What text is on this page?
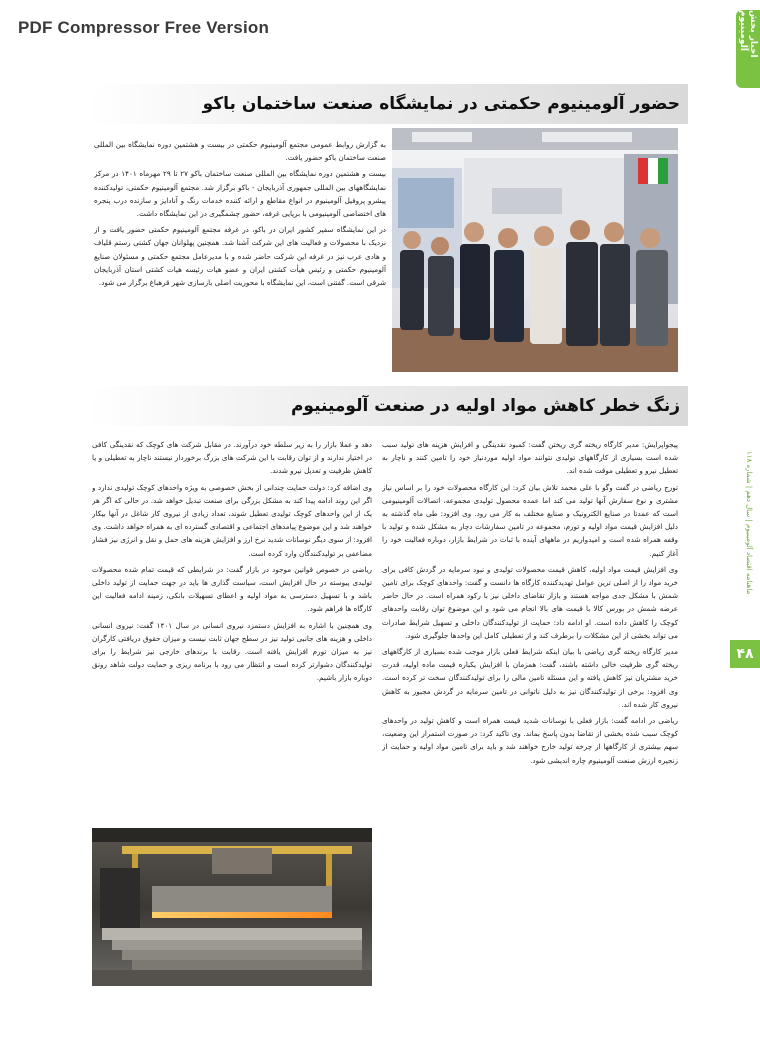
PDF Compressor Free Version	اخبار بخش آلومینیوم
ماهنامه اقتصاد آلومینیوم | سال دهم | شماره ۱۱۸
۴۸
حضور آلومینیوم حکمتی در نمایشگاه صنعت ساختمان باکو

به گزارش روابط عمومی مجتمع آلومینیوم حکمتی در بیست و هشتمین دوره نمایشگاه بین المللی صنعت ساختمان باکو حضور یافت.

بیست و هشتمین دوره نمایشگاه بین المللی صنعت ساختمان باکو ۲۷ تا ۲۹ مهرماه ۱۴۰۱ در مرکز نمایشگاههای بین المللی جمهوری آذربایجان - باکو برگزار شد. مجتمع آلومینیوم حکمتی، تولیدکننده پیشرو پروفیل آلومینیوم در انواع مقاطع و ارائه کننده خدمات رنگ و آنادایز و سازنده درب پنجره های اختصاصی آلومینیومی با برپایی غرفه، حضور چشمگیری در این نمایشگاه داشت.

در این نمایشگاه سفیر کشور ایران در باکو، در غرفه مجتمع آلومینیوم حکمتی حضور یافت و از نزدیک با محصولات و فعالیت های این شرکت آشنا شد. همچنین پهلوانان جهان کشتی رستم قلیاف و هادی عرب نیز در غرفه این شرکت حاضر شده و با مدیرعامل مجتمع حکمتی و مسئولان صنایع آلومینیوم حکمتی و رئیس هیأت کشتی ایران و عضو هیات رئیسه هیات کشتی استان آذربایجان شرقی است. گفتنی است، این نمایشگاه با محوریت اصلی بازسازی شهر قرهباغ برگزار می شود.

زنگ خطر کاهش مواد اولیه در صنعت آلومینیوم

پیجواپرایش: مدیر کارگاه ریخته گری ریختن گفت: کمبود نقدینگی و افزایش هزینه های تولید سبب شده است بسیاری از کارگاههای تولیدی نتوانند مواد اولیه موردنیاز خود را تامین کنند و ناچار به تعطیل نیرو و تعطیلی موقت شده اند.

تورج ریاضی در گفت وگو با علی محمد تلاش بیان کرد: این کارگاه محصولات خود را بر اساس نیاز مشتری و نوع سفارش آنها تولید می کند اما عمده محصول تولیدی مجموعه، اتصالات آلومینیومی است که عمدتا در صنایع الکترونیک و صنایع مختلف به کار می رود. وی افزود: طی ماه گذشته به دلیل افزایش قیمت مواد اولیه و تورم، مجموعه در تامین سفارشات دچار به مشکل شده و تولید با وقفه همراه شده است و امیدواریم در ماههای آینده با ثبات در شرایط بازار، دوباره فعالیت خود را آغاز کنیم.

وی افزایش قیمت مواد اولیه، کاهش قیمت محصولات تولیدی و نبود سرمایه در گردش کافی برای خرید مواد را از اصلی ترین عوامل تهدیدکننده کارگاه ها دانست و گفت: واحدهای کوچک برای تامین شمش با مشکل جدی مواجه هستند و بازار تقاضای داخلی نیز با رکود همراه است. در حال حاضر عرضه شمش در بورس کالا با قیمت های بالا انجام می شود و این موضوع توان رقابت واحدهای کوچک را کاهش داده است. او ادامه داد: حمایت از تولیدکنندگان داخلی و تسهیل شرایط صادرات می تواند بخشی از این مشکلات را برطرف کند و از تعطیلی کامل این واحدها جلوگیری شود.

مدیر کارگاه ریخته گری ریاضی با بیان اینکه شرایط فعلی بازار موجب شده بسیاری از کارگاههای ریخته گری ظرفیت خالی داشته باشند، گفت: همزمان با افزایش یکباره قیمت ماده اولیه، قدرت خرید مشتریان نیز کاهش یافته و این مسئله تامین مالی را برای تولیدکنندگان سخت تر کرده است. وی افزود: برخی از تولیدکنندگان نیز به دلیل ناتوانی در تامین سرمایه در گردش مجبور به کاهش نیروی کار شده اند.

ریاضی در ادامه گفت: بازار فعلی با نوسانات شدید قیمت همراه است و کاهش تولید در واحدهای کوچک سبب شده بخشی از تقاضا بدون پاسخ بماند. وی تاکید کرد: در صورت استمرار این وضعیت، سهم بیشتری از کارگاهها از چرخه تولید خارج خواهند شد و باید برای تامین مواد اولیه و حمایت از زنجیره ارزش صنعت آلومینیوم چاره اندیشی شود.

دهد و عملا بازار را به زیر سلطه خود درآورند. در مقابل شرکت های کوچک که نقدینگی کافی در اختیار ندارند و از توان رقابت با این شرکت های بزرگ برخوردار نیستند ناچار به تعطیلی و یا کاهش ظرفیت و تعدیل نیرو شدند.

وی اضافه کرد: دولت حمایت چندانی از بخش خصوصی به ویژه واحدهای کوچک تولیدی ندارد و اگر این روند ادامه پیدا کند به مشکل بزرگی برای صنعت تبدیل خواهد شد. در حالی که اگر هر یک از این واحدهای کوچک تولیدی تعطیل شوند، تعداد زیادی از نیروی کار شاغل در آنها بیکار خواهند شد و این موضوع پیامدهای اجتماعی و اقتصادی گسترده ای به همراه خواهد داشت. وی افزود: از سوی دیگر نوسانات شدید نرخ ارز و افزایش هزینه های حمل و نقل و انرژی نیز فشار مضاعفی بر تولیدکنندگان وارد کرده است.

ریاضی در خصوص قوانین موجود در بازار گفت: در شرایطی که قیمت تمام شده محصولات تولیدی پیوسته در حال افزایش است، سیاست گذاری ها باید در جهت حمایت از تولید داخلی باشد و با تسهیل دسترسی به مواد اولیه و اعطای تسهیلات بانکی، زمینه ادامه فعالیت این کارگاه ها فراهم شود.

وی همچنین با اشاره به افزایش دستمزد نیروی انسانی در سال ۱۴۰۱ گفت: نیروی انسانی داخلی و هزینه های جانبی تولید نیز در سطح جهان ثابت نیست و میزان حقوق دریافتی کارگران نیز به میزان تورم افزایش یافته است. رقابت با برندهای خارجی نیز شرایط را برای تولیدکنندگان دشوارتر کرده است و انتظار می رود با برنامه ریزی و حمایت دولت شاهد رونق دوباره بازار باشیم.
